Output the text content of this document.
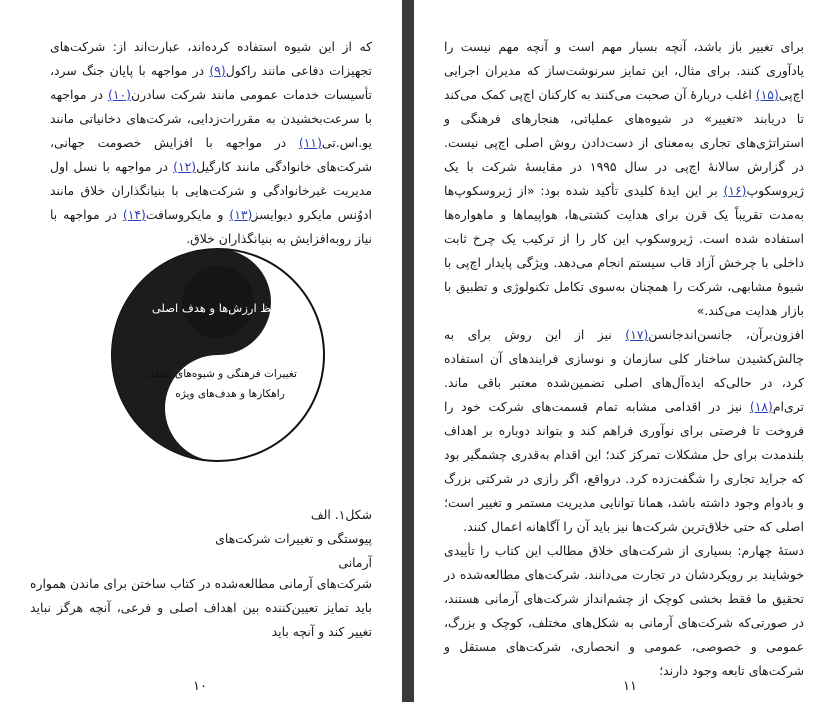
که از این شیوه استفاده کرده‌اند، عبارت‌اند از: شرکت‌های تجهیزات دفاعی مانند راکول(۹) در مواجهه با پایان جنگ سرد، تأسیسات خدمات عمومی مانند شرکت سادرن(۱۰) در مواجهه با سرعت‌بخشیدن به مقررات‌زدایی، شرکت‌های دخانیاتی مانند یو.اس.تی(۱۱) در مواجهه با افزایش خصومت جهانی، شرکت‌های خانوادگی مانند کارگیل(۱۲) در مواجهه با نسل اول مدیریت غیرخانوادگی و شرکت‌هایی با بنیانگذاران خلاق مانند ادوُنس مایکرو دیوایسز(۱۳) و مایکروسافت(۱۴) در مواجهه با نیاز روبه‌افزایش به بنیانگذاران خلاق.

حفظ ارزش‌ها و هدف اصلی
تغییرات فرهنگی و شیوه‌های عملی
راهکارها و هدف‌های ویژه
شکل۱. الف
پیوستگی و تغییرات شرکت‌های آرمانی

شرکت‌های آرمانی مطالعه‌شده در کتاب ساختن برای ماندن همواره باید تمایز تعیین‌کننده بین اهداف اصلی و فرعی، آنچه هرگز نباید تغییر کند و آنچه باید

۱۰

برای تغییر باز باشد، آنچه بسیار مهم است و آنچه مهم نیست را یادآوری کنند. برای مثال، این تمایز سرنوشت‌ساز که مدیران اجرایی اچ‌پی(۱۵) اغلب دربارهٔ آن صحبت می‌کنند به کارکنان اچ‌پی کمک می‌کند تا دریابند «تغییر» در شیوه‌های عملیاتی، هنجارهای فرهنگی و استراتژی‌های تجاری به‌معنای از دست‌دادن روش اصلی اچ‌پی نیست. در گزارش سالانهٔ اچ‌پی در سال ۱۹۹۵ در مقایسهٔ شرکت با یک ژیروسکوپ(۱۶) بر این ایدهٔ کلیدی تأکید شده بود: «از ژیروسکوپ‌ها به‌مدت تقریباً یک قرن برای هدایت کشتی‌ها، هواپیماها و ماهواره‌ها استفاده شده است. ژیروسکوپ این کار را از ترکیب یک چرخ ثابت داخلی با چرخش آزاد قاب سیستم انجام می‌دهد. ویژگی پایدار اچ‌پی با شیوهٔ مشابهی، شرکت را همچنان به‌سوی تکامل تکنولوژی و تطبیق با بازار هدایت می‌کند.»

افزون‌برآن، جانسن‌اندجانسن(۱۷) نیز از این روش برای به چالش‌کشیدن ساختار کلی سازمان و نوسازی فرایندهای آن استفاده کرد، در حالی‌که ایده‌آل‌های اصلی تضمین‌شده معتبر باقی ماند. تری‌ام(۱۸) نیز در اقدامی مشابه تمام قسمت‌های شرکت خود را فروخت تا فرصتی برای نوآوری فراهم کند و بتواند دوباره بر اهداف بلندمدت برای حل مشکلات تمرکز کند؛ این اقدام به‌قدری چشمگیر بود که جراید تجاری را شگفت‌زده کرد. درواقع، اگر رازی در شرکتی بزرگ و بادوام وجود داشته باشد، همانا توانایی مدیریت مستمر و تغییر است؛ اصلی که حتی خلاق‌ترین شرکت‌ها نیز باید آن را آگاهانه اعمال کنند.

دستهٔ چهارم: بسیاری از شرکت‌های خلاق مطالب این کتاب را تأییدی خوشایند بر رویکردشان در تجارت می‌دانند. شرکت‌های مطالعه‌شده در تحقیق ما فقط بخشی کوچک از چشم‌انداز شرکت‌های آرمانی هستند، در صورتی‌که شرکت‌های آرمانی به شکل‌های مختلف، کوچک و بزرگ، عمومی و خصوصی، عمومی و انحصاری، شرکت‌های مستقل و شرکت‌های تابعه وجود دارند؛

۱۱
